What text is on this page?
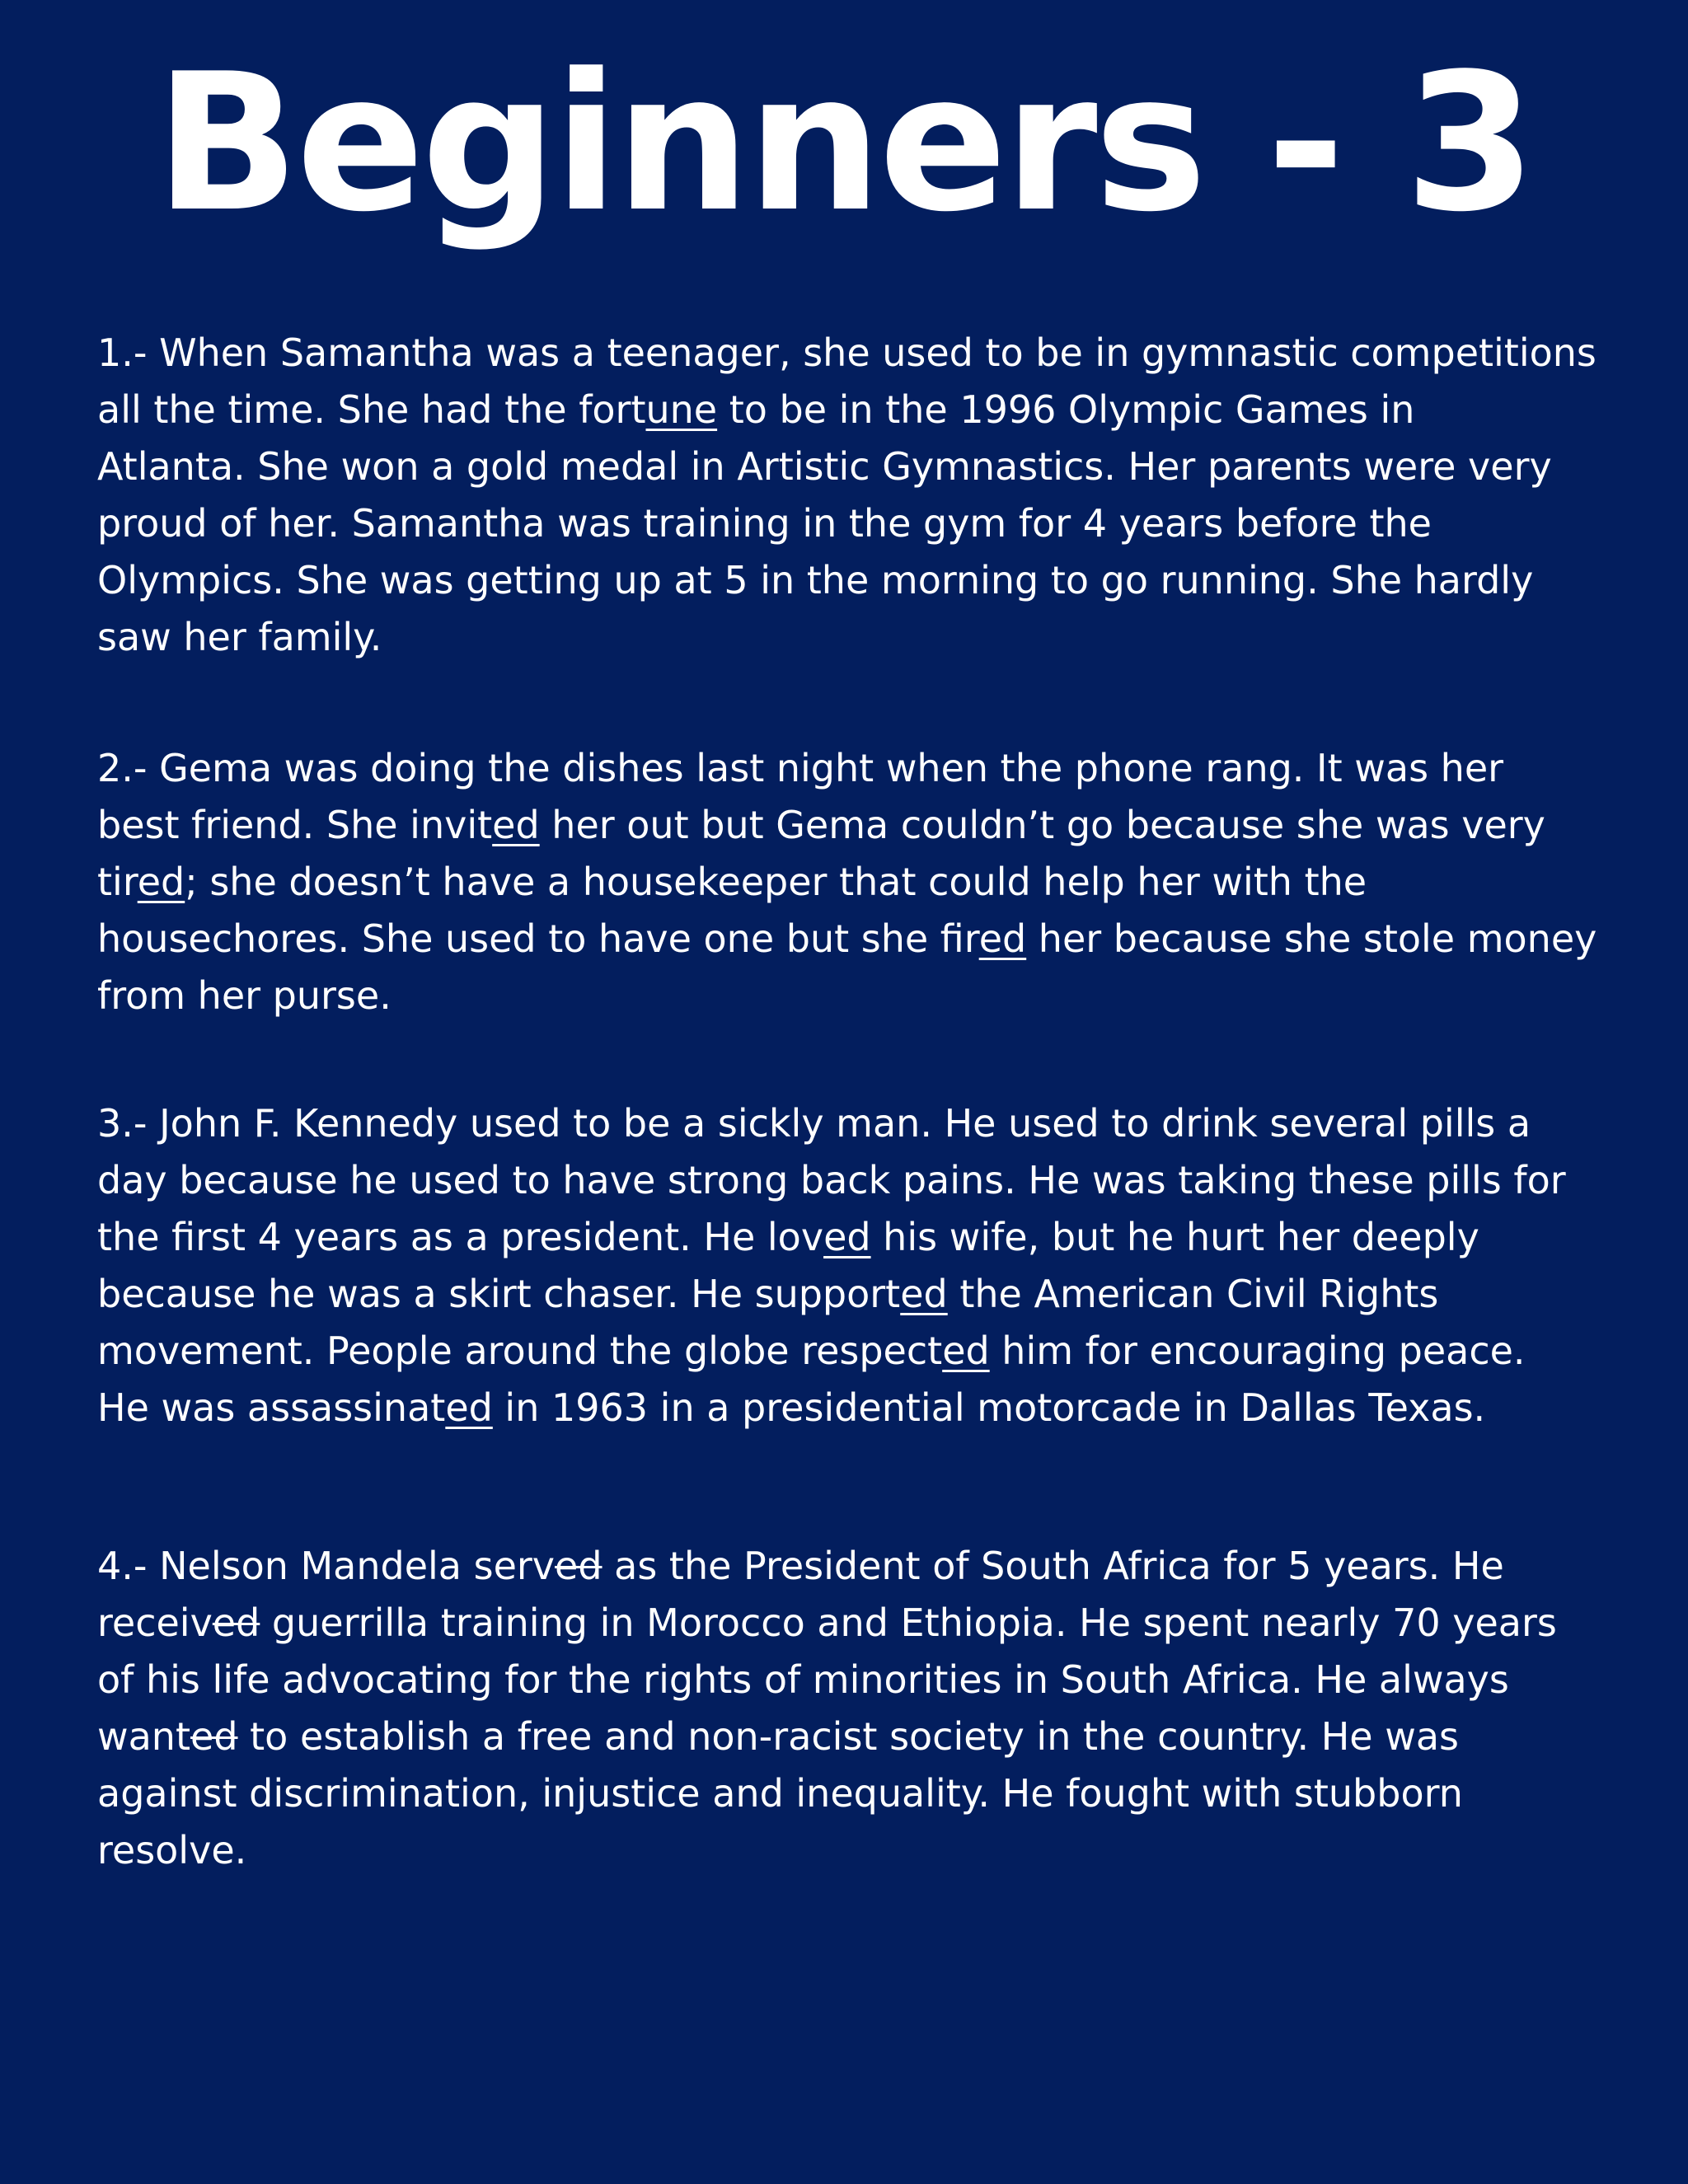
Beginners - 3
1.- When Samantha was a teenager, she used to be in gymnastic competitions
all the time. She had the fortune to be in the 1996 Olympic Games in
Atlanta. She won a gold medal in Artistic Gymnastics. Her parents were very
proud of her. Samantha was training in the gym for 4 years before the
Olympics. She was getting up at 5 in the morning to go running. She hardly
saw her family.
2.- Gema was doing the dishes last night when the phone rang. It was her
best friend. She invited her out but Gema couldn’t go because she was very
tired; she doesn’t have a housekeeper that could help her with the
housechores. She used to have one but she fired her because she stole money
from her purse.
3.- John F. Kennedy used to be a sickly man. He used to drink several pills a
day because he used to have strong back pains. He was taking these pills for
the first 4 years as a president. He loved his wife, but he hurt her deeply
because he was a skirt chaser. He supported the American Civil Rights
movement. People around the globe respected him for encouraging peace.
He was assassinated in 1963 in a presidential motorcade in Dallas Texas.
4.- Nelson Mandela served as the President of South Africa for 5 years. He
received guerrilla training in Morocco and Ethiopia. He spent nearly 70 years
of his life advocating for the rights of minorities in South Africa. He always
wanted to establish a free and non-racist society in the country. He was
against discrimination, injustice and inequality. He fought with stubborn
resolve.
